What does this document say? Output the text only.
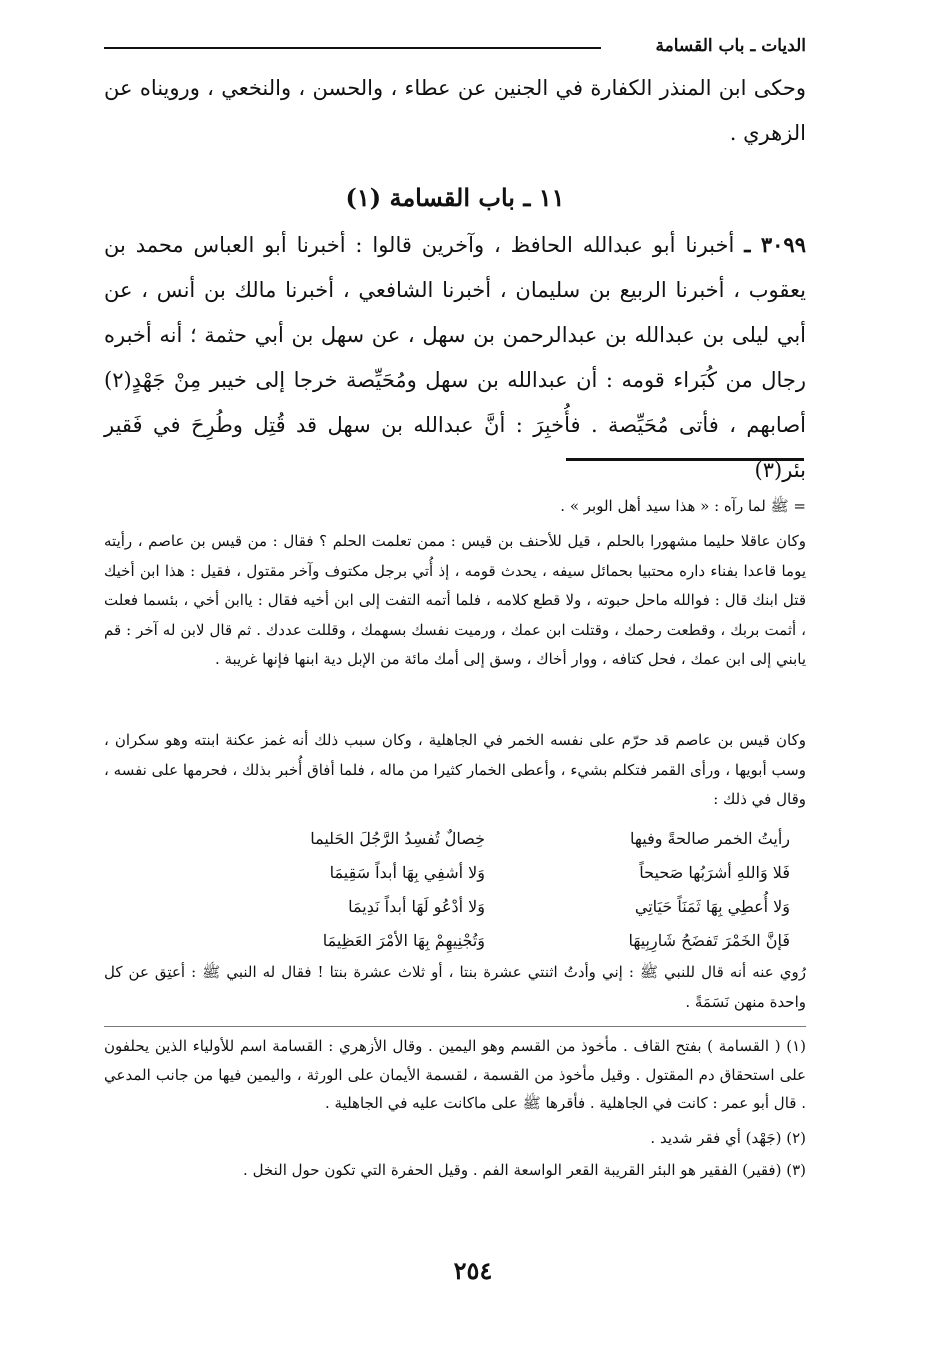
الديات ـ باب القسامة
وحكى ابن المنذر الكفارة في الجنين عن عطاء ، والحسن ، والنخعي ، ورويناه عن الزهري .
١١ ـ باب القسامة (١)
٣٠٩٩ ـ أخبرنا أبو عبدالله الحافظ ، وآخرين قالوا : أخبرنا أبو العباس محمد بن يعقوب ، أخبرنا الربيع بن سليمان ، أخبرنا الشافعي ، أخبرنا مالك بن أنس ، عن أبي ليلى بن عبدالله بن عبدالرحمن بن سهل ، عن سهل بن أبي حثمة ؛ أنه أخبره رجال من كُبَراء قومه : أن عبدالله بن سهل ومُحَيِّصة خرجا إلى خيبر مِنْ جَهْدٍ(٢) أصابهم ، فأتى مُحَيِّصة . فأُخبِرَ : أنَّ عبدالله بن سهل قد قُتِل وطُرِحَ في فَقير بئر(٣)
= ﷺ لما رآه : « هذا سيد أهل الوبر » .
وكان عاقلا حليما مشهورا بالحلم ، قيل للأحنف بن قيس : ممن تعلمت الحلم ؟ فقال : من قيس بن عاصم ، رأيته يوما قاعدا بفناء داره محتبيا بحمائل سيفه ، يحدث قومه ، إذ أُتي برجل مكتوف وآخر مقتول ، فقيل : هذا ابن أخيك قتل ابنك قال : فوالله ماحل حبوته ، ولا قطع كلامه ، فلما أتمه التفت إلى ابن أخيه فقال : ياابن أخي ، بئسما فعلت ، أثمت بربك ، وقطعت رحمك ، وقتلت ابن عمك ، ورميت نفسك بسهمك ، وقللت عددك . ثم قال لابن له آخر : قم يابني إلى ابن عمك ، فحل كتافه ، ووار أخاك ، وسق إلى أمك مائة من الإبل دية ابنها فإنها غريبة .
وكان قيس بن عاصم قد حرّم على نفسه الخمر في الجاهلية ، وكان سبب ذلك أنه غمز عكنة ابنته وهو سكران ، وسب أبويها ، ورأى القمر فتكلم بشيء ، وأعطى الخمار كثيرا من ماله ، فلما أفاق أُخبر بذلك ، فحرمها على نفسه ، وقال في ذلك :
رأيتُ الخمر صالحةً وفيها
خِصالٌ تُفسِدُ الرَّجُلَ الحَليما
فَلا وَاللهِ أشرَبُها صَحيحاً
وَلا أشفِي بِهَا أبداً سَقِيمَا
وَلا أُعطِي بِهَا ثَمَنَاً حَيَاتِي
وَلا أدْعُو لَهَا أبداً نَدِيمَا
فَإنَّ الخَمْرَ تَفضَحُ شَارِبِيهَا
وَتُجْنِيهِمْ بِهَا الأمْرَ العَظِيمَا
رُوي عنه أنه قال للنبي ﷺ : إني وأدتُ اثنتي عشرة بنتا ، أو ثلاث عشرة بنتا ! فقال له النبي ﷺ : أعتِق عن كل واحدة منهن نَسَمَةً .
(١) ( القسامة ) بفتح القاف . مأخوذ من القسم وهو اليمين . وقال الأزهري : القسامة اسم للأولياء الذين يحلفون على استحقاق دم المقتول . وقيل مأخوذ من القسمة ، لقسمة الأيمان على الورثة ، واليمين فيها من جانب المدعي . قال أبو عمر : كانت في الجاهلية . فأقرها ﷺ على ماكانت عليه في الجاهلية .
(٢) (جَهْد) أي فقر شديد .
(٣) (فقير) الفقير هو البئر القريبة القعر الواسعة الفم . وقيل الحفرة التي تكون حول النخل .
٢٥٤
